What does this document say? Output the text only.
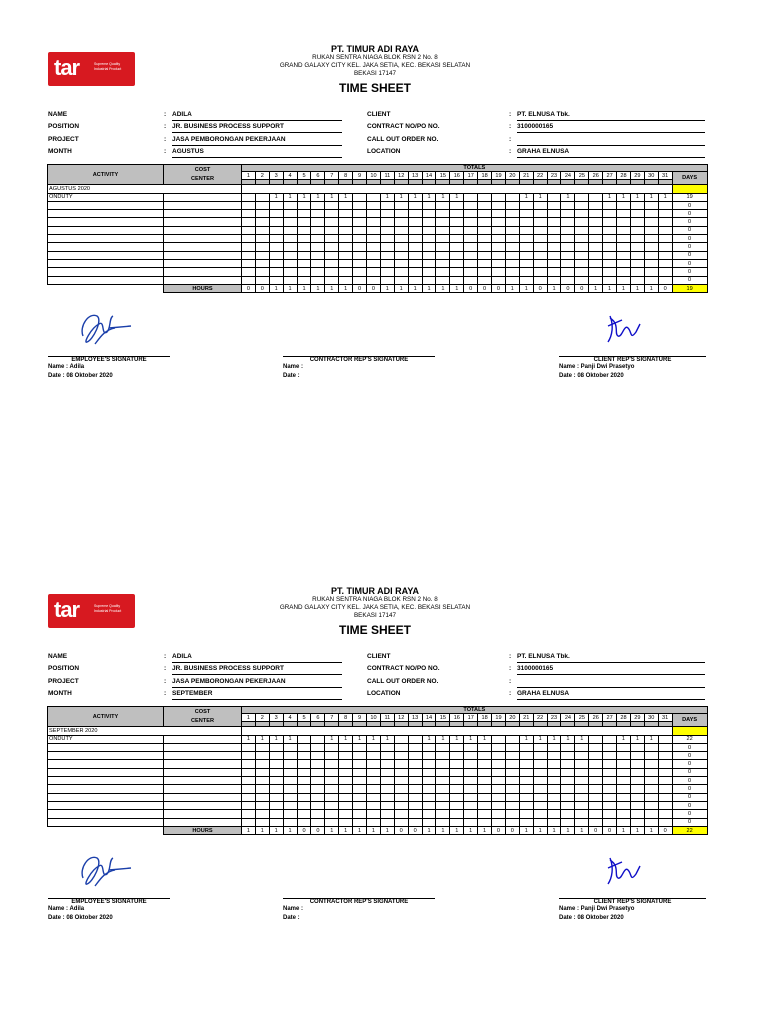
tar	Supreme Quality Industrial Product
PT. TIMUR ADI RAYA
RUKAN SENTRA NIAGA BLOK RSN 2 No. 8
GRAND GALAXY CITY KEL. JAKA SETIA, KEC. BEKASI SELATAN
BEKASI 17147
TIME SHEET
NAME	: ADILA
POSITION	: JR. BUSINESS PROCESS SUPPORT
PROJECT	: JASA PEMBORONGAN PEKERJAAN
MONTH	: AGUSTUS
CLIENT	: PT. ELNUSA Tbk.
CONTRACT NO/PO NO.	: 3100000165
CALL OUT ORDER NO.	:
LOCATION	: GRAHA ELNUSA
ACTIVITY	COST
CENTER	TOTALS																															
		1	2	3	4	5	6	7	8	9	10	11	12	13	14	15	16	17	18	19	20	21	22	23	24	25	26	27	28	29	30	31	DAYS

AGUSTUS 2020																																	
ONDUTY				1	1	1	1	1	1			1	1	1	1	1	1					1	1		1			1	1	1	1	1	19
																																	0
																																	0
																																	0
																																	0
																																	0
																																	0
																																	0
																																	0
																																	0
																																	0
	HOURS	0	0	1	1	1	1	1	1	0	0	1	1	1	1	1	1	0	0	0	1	1	0	1	0	0	1	1	1	1	1	0	19
EMPLOYEE'S SIGNATURE
Name : Adila
Date : 08 Oktober 2020
CONTRACTOR REP'S SIGNATURE
Name :
Date :
CLIENT REP'S SIGNATURE
Name : Panji Dwi Prasetyo
Date : 08 Oktober 2020
tar	Supreme Quality Industrial Product
PT. TIMUR ADI RAYA
RUKAN SENTRA NIAGA BLOK RSN 2 No. 8
GRAND GALAXY CITY KEL. JAKA SETIA, KEC. BEKASI SELATAN
BEKASI 17147
TIME SHEET
NAME	: ADILA
POSITION	: JR. BUSINESS PROCESS SUPPORT
PROJECT	: JASA PEMBORONGAN PEKERJAAN
MONTH	: SEPTEMBER
CLIENT	: PT. ELNUSA Tbk.
CONTRACT NO/PO NO.	: 3100000165
CALL OUT ORDER NO.	:
LOCATION	: GRAHA ELNUSA
ACTIVITY	COST
CENTER	TOTALS																															
		1	2	3	4	5	6	7	8	9	10	11	12	13	14	15	16	17	18	19	20	21	22	23	24	25	26	27	28	29	30	31	DAYS

SEPTEMBER 2020																																	
ONDUTY		1	1	1	1			1	1	1	1	1			1	1	1	1	1			1	1	1	1	1			1	1	1		22
																																	0
																																	0
																																	0
																																	0
																																	0
																																	0
																																	0
																																	0
																																	0
																																	0
	HOURS	1	1	1	1	0	0	1	1	1	1	1	0	0	1	1	1	1	1	0	0	1	1	1	1	1	0	0	1	1	1	0	22
EMPLOYEE'S SIGNATURE
Name : Adila
Date : 08 Oktober 2020
CONTRACTOR REP'S SIGNATURE
Name :
Date :
CLIENT REP'S SIGNATURE
Name : Panji Dwi Prasetyo
Date : 08 Oktober 2020
